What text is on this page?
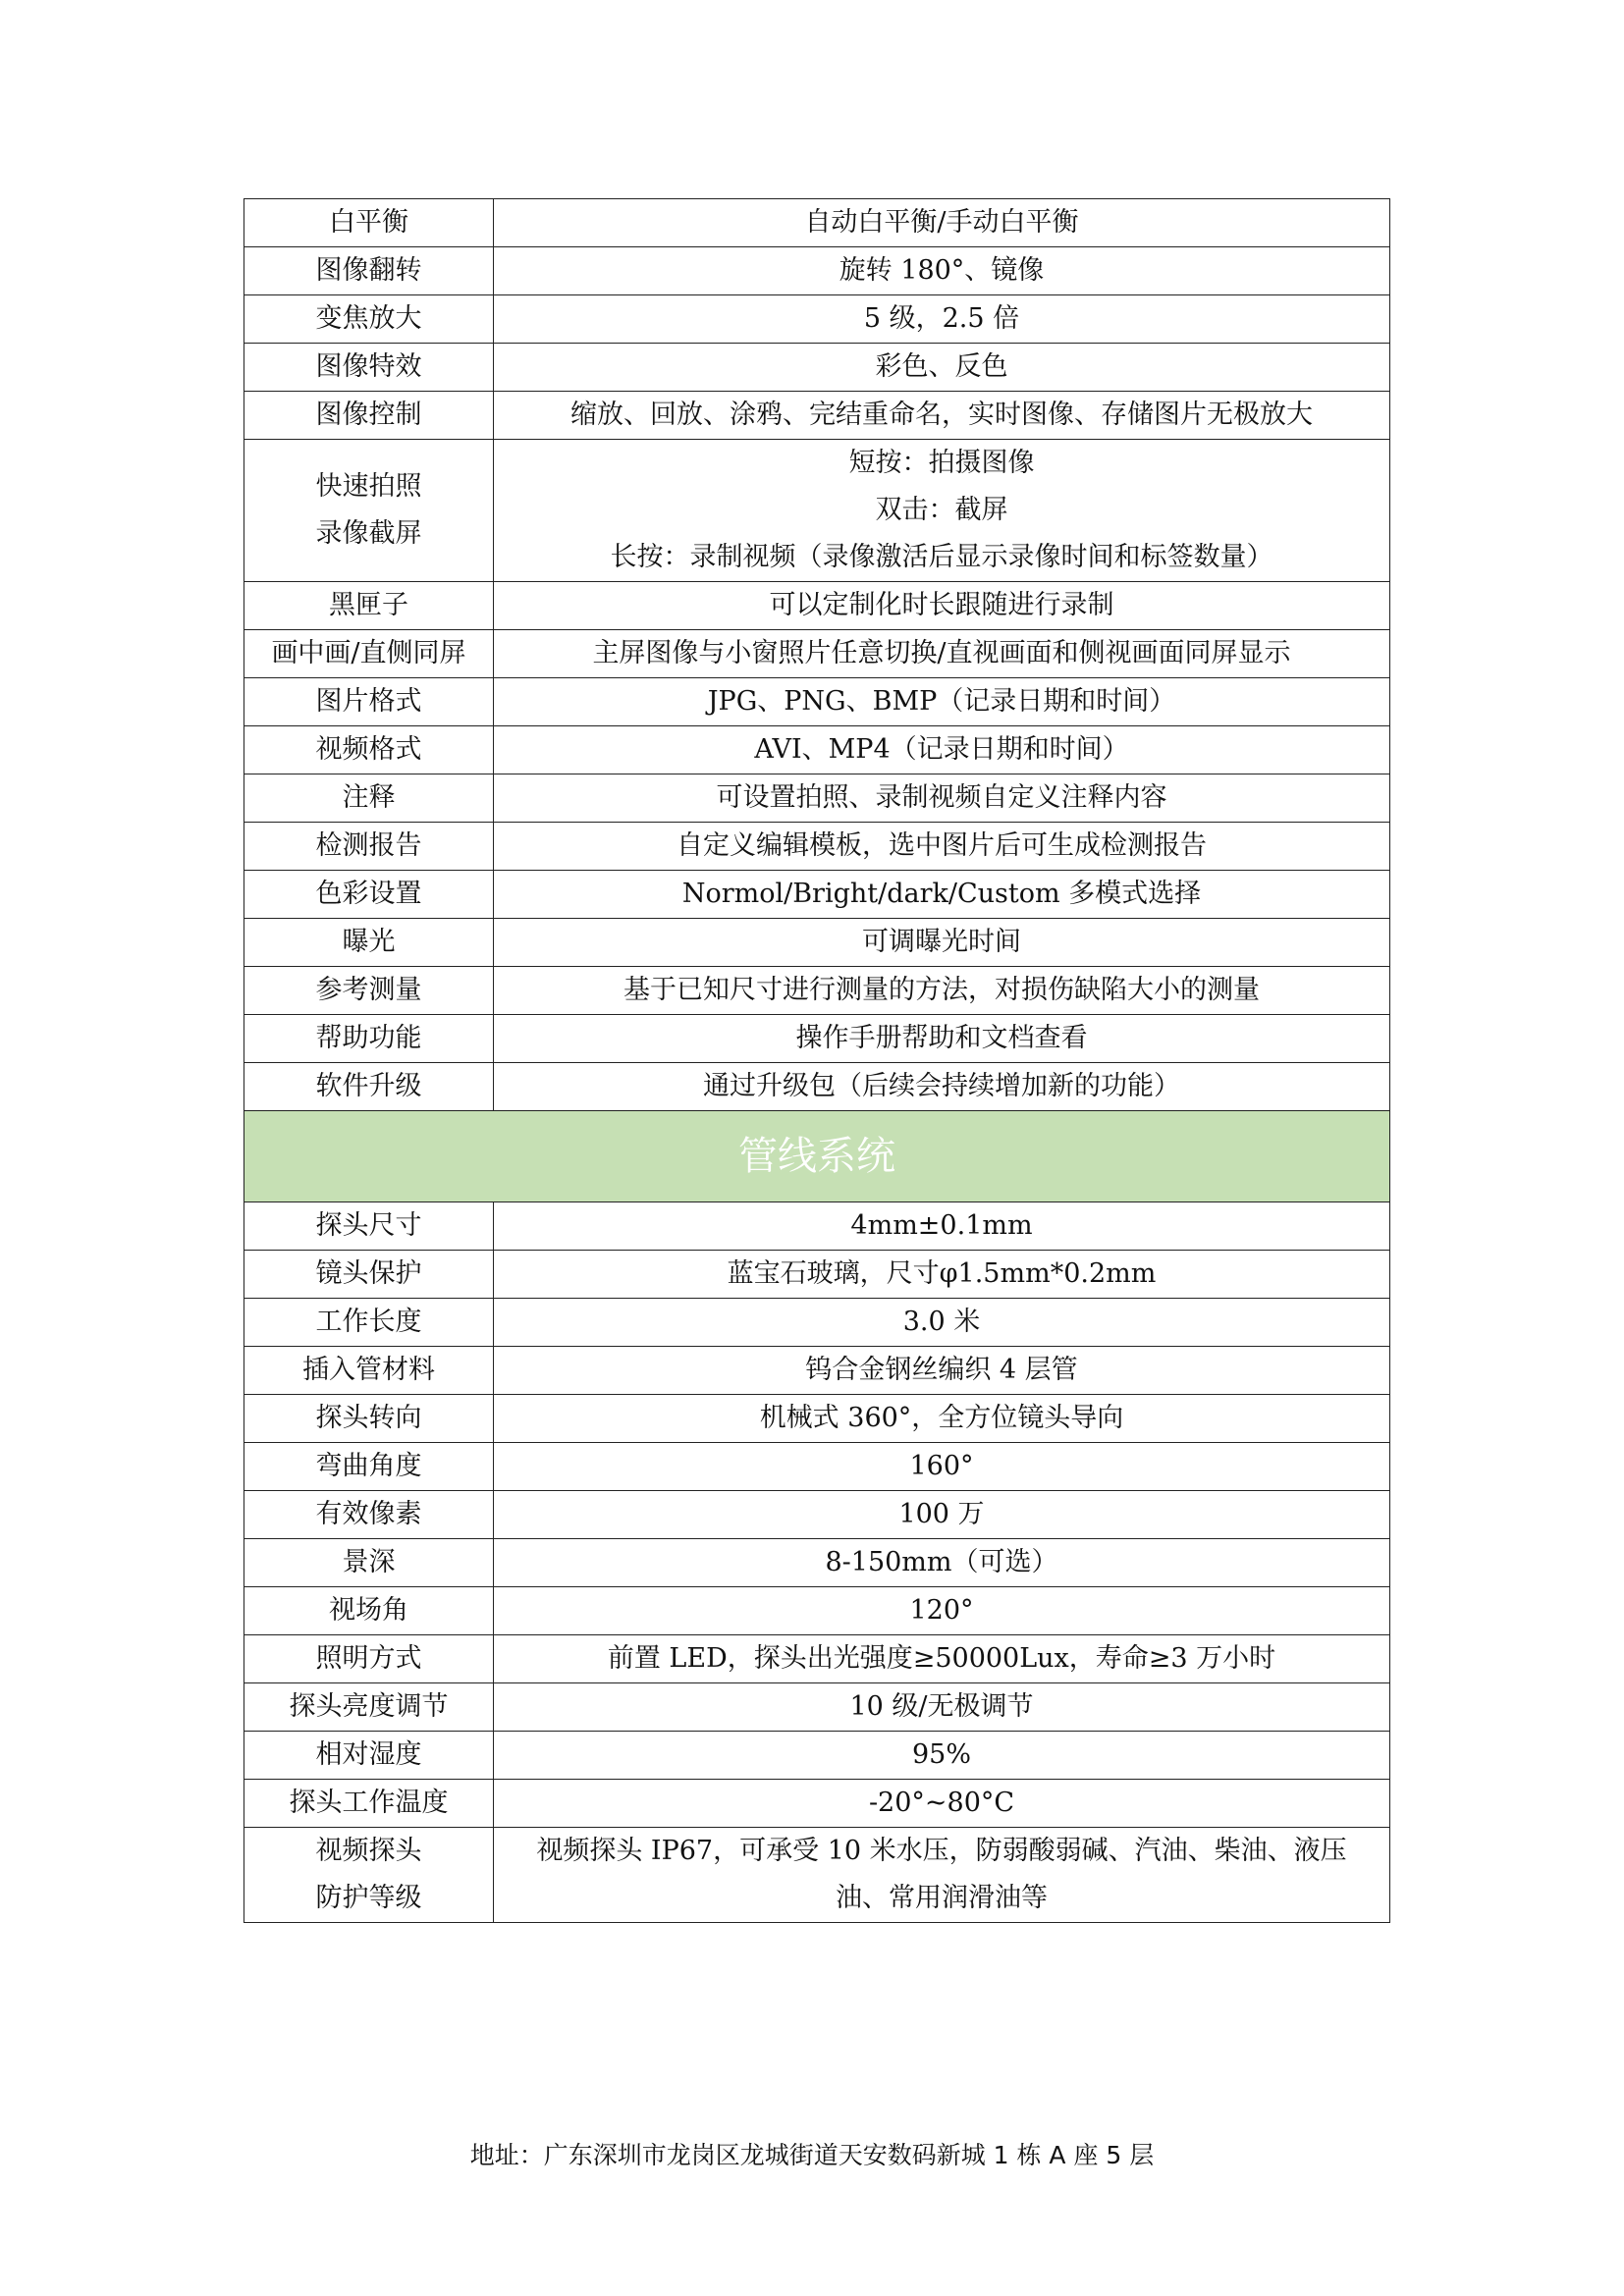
白平衡	自动白平衡/手动白平衡

图像翻转	旋转 180°、镜像

变焦放大	5 级，2.5 倍

图像特效	彩色、反色

图像控制	缩放、回放、涂鸦、完结重命名，实时图像、存储图片无极放大

快速拍照
录像截屏	短按：拍摄图像
双击：截屏
长按：录制视频（录像激活后显示录像时间和标签数量）

黑匣子	可以定制化时长跟随进行录制

画中画/直侧同屏	主屏图像与小窗照片任意切换/直视画面和侧视画面同屏显示

图片格式	JPG、PNG、BMP（记录日期和时间）

视频格式	AVI、MP4（记录日期和时间）

注释	可设置拍照、录制视频自定义注释内容

检测报告	自定义编辑模板，选中图片后可生成检测报告

色彩设置	Normol/Bright/dark/Custom 多模式选择

曝光	可调曝光时间

参考测量	基于已知尺寸进行测量的方法，对损伤缺陷大小的测量

帮助功能	操作手册帮助和文档查看

软件升级	通过升级包（后续会持续增加新的功能）

管线系统	

探头尺寸	4mm±0.1mm

镜头保护	蓝宝石玻璃，尺寸φ1.5mm*0.2mm

工作长度	3.0 米

插入管材料	钨合金钢丝编织 4 层管

探头转向	机械式 360°，全方位镜头导向

弯曲角度	160°

有效像素	100 万

景深	8-150mm（可选）

视场角	120°

照明方式	前置 LED，探头出光强度≥50000Lux，寿命≥3 万小时

探头亮度调节	10 级/无极调节

相对湿度	95%

探头工作温度	-20°~80°C

视频探头
防护等级	视频探头 IP67，可承受 10 米水压，防弱酸弱碱、汽油、柴油、液压
油、常用润滑油等
地址：广东深圳市龙岗区龙城街道天安数码新城 1 栋 A 座 5 层
